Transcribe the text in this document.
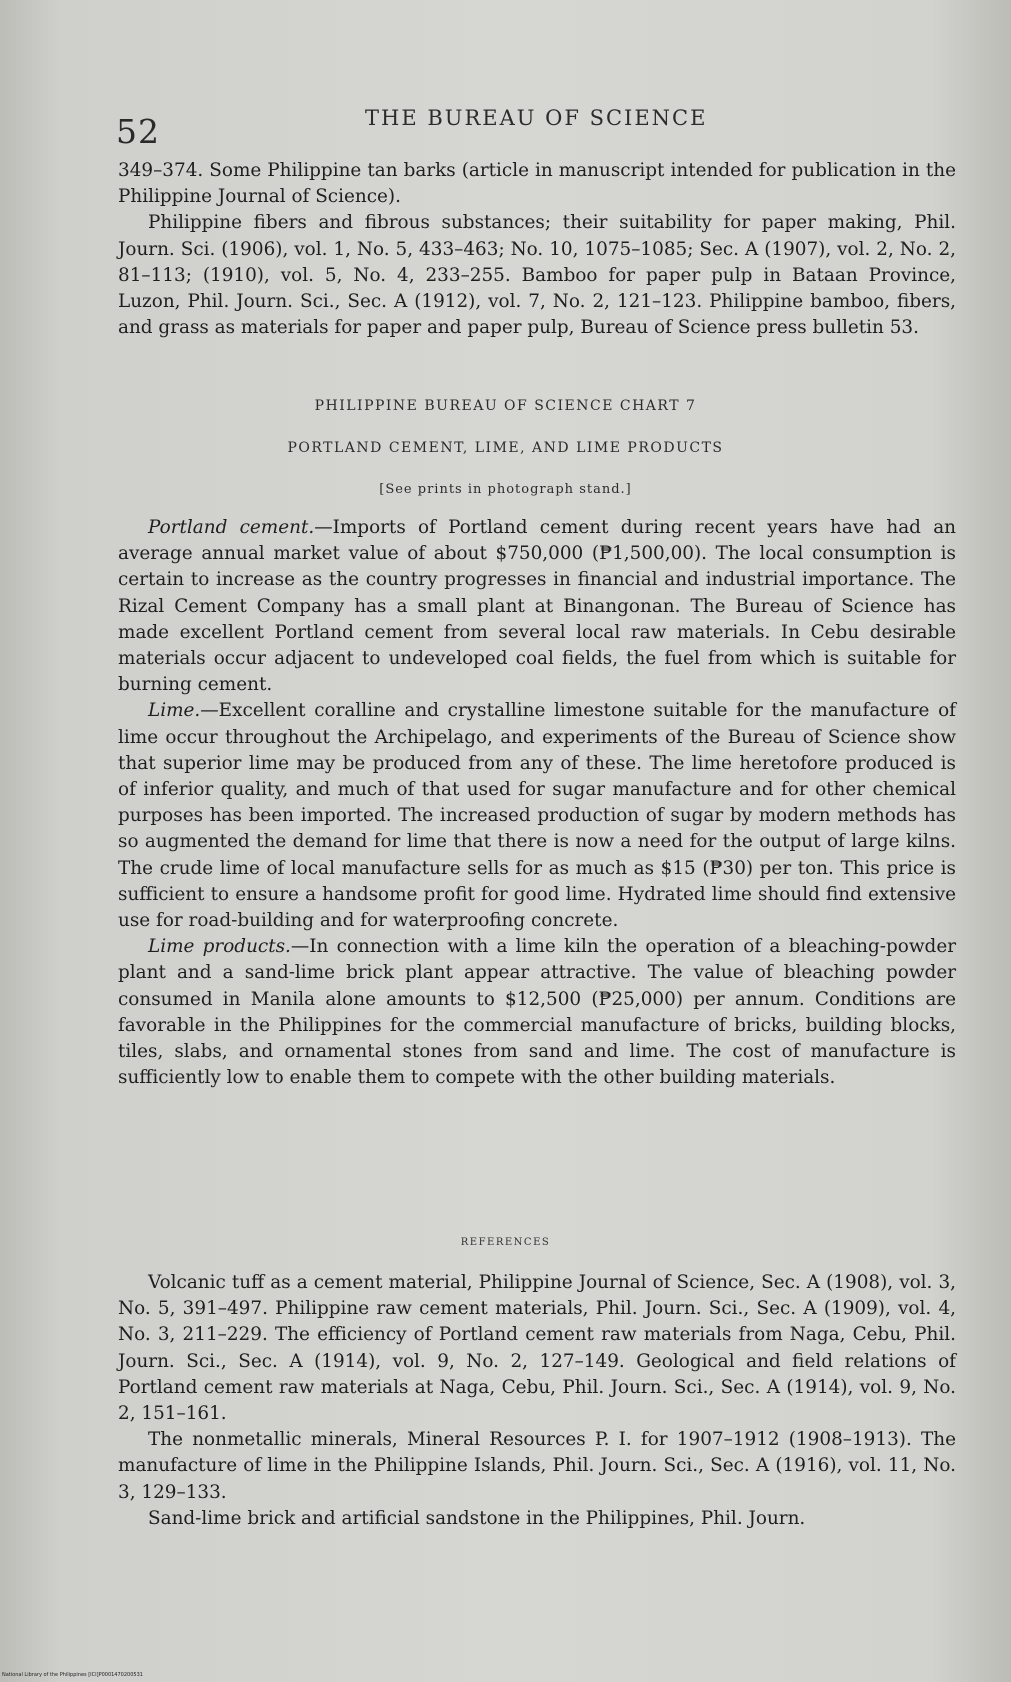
52	THE BUREAU OF SCIENCE

349–374. Some Philippine tan barks (article in manuscript intended for publication in the Philippine Journal of Science).

Philippine fibers and fibrous substances; their suitability for paper making, Phil. Journ. Sci. (1906), vol. 1, No. 5, 433–463; No. 10, 1075–1085; Sec. A (1907), vol. 2, No. 2, 81–113; (1910), vol. 5, No. 4, 233–255. Bamboo for paper pulp in Bataan Province, Luzon, Phil. Journ. Sci., Sec. A (1912), vol. 7, No. 2, 121–123. Philippine bamboo, fibers, and grass as materials for paper and paper pulp, Bureau of Science press bulletin 53.

PHILIPPINE BUREAU OF SCIENCE CHART 7
PORTLAND CEMENT, LIME, AND LIME PRODUCTS
[See prints in photograph stand.]

Portland cement.—Imports of Portland cement during recent years have had an average annual market value of about $750,000 (₱1,500,00). The local consumption is certain to increase as the country progresses in financial and industrial importance. The Rizal Cement Company has a small plant at Binangonan. The Bureau of Science has made excellent Portland cement from several local raw materials. In Cebu desirable materials occur adjacent to undeveloped coal fields, the fuel from which is suitable for burning cement.

Lime.—Excellent coralline and crystalline limestone suitable for the manufacture of lime occur throughout the Archipelago, and experiments of the Bureau of Science show that superior lime may be produced from any of these. The lime heretofore produced is of inferior quality, and much of that used for sugar manufacture and for other chemical purposes has been imported. The increased production of sugar by modern methods has so augmented the demand for lime that there is now a need for the output of large kilns. The crude lime of local manufacture sells for as much as $15 (₱30) per ton. This price is sufficient to ensure a handsome profit for good lime. Hydrated lime should find extensive use for road-building and for waterproofing concrete.

Lime products.—In connection with a lime kiln the operation of a bleaching-powder plant and a sand-lime brick plant appear attractive. The value of bleaching powder consumed in Manila alone amounts to $12,500 (₱25,000) per annum. Conditions are favorable in the Philippines for the commercial manufacture of bricks, building blocks, tiles, slabs, and ornamental stones from sand and lime. The cost of manufacture is sufficiently low to enable them to compete with the other building materials.

REFERENCES

Volcanic tuff as a cement material, Philippine Journal of Science, Sec. A (1908), vol. 3, No. 5, 391–497. Philippine raw cement materials, Phil. Journ. Sci., Sec. A (1909), vol. 4, No. 3, 211–229. The efficiency of Portland cement raw materials from Naga, Cebu, Phil. Journ. Sci., Sec. A (1914), vol. 9, No. 2, 127–149. Geological and field relations of Portland cement raw materials at Naga, Cebu, Phil. Journ. Sci., Sec. A (1914), vol. 9, No. 2, 151–161.

The nonmetallic minerals, Mineral Resources P. I. for 1907–1912 (1908–1913). The manufacture of lime in the Philippine Islands, Phil. Journ. Sci., Sec. A (1916), vol. 11, No. 3, 129–133.

Sand-lime brick and artificial sandstone in the Philippines, Phil. Journ.

National Library of the Philippines [ICI]P0001470200531
